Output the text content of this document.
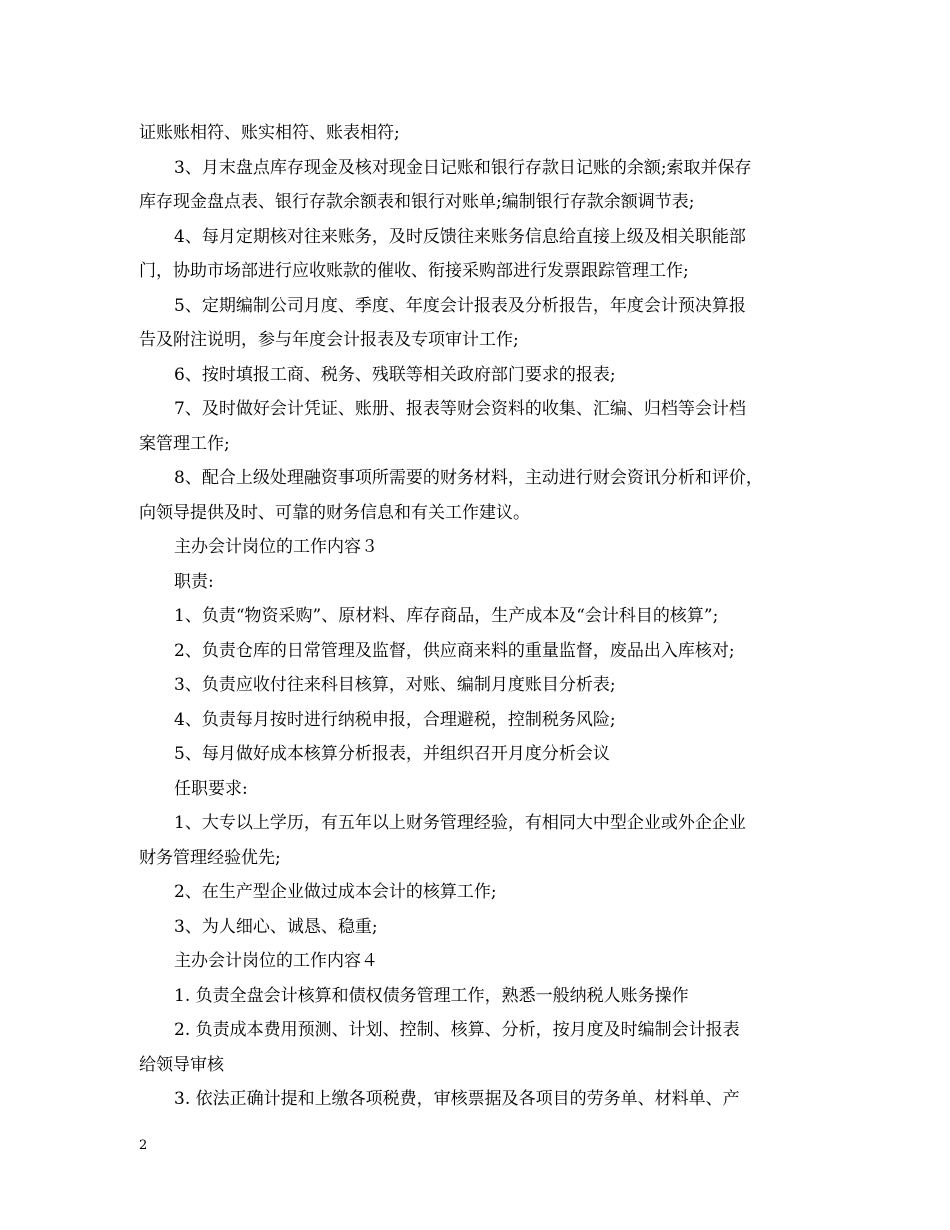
证账账相符、账实相符、账表相符;
3、月末盘点库存现金及核对现金日记账和银行存款日记账的余额;索取并保存
库存现金盘点表、银行存款余额表和银行对账单;编制银行存款余额调节表;
4、每月定期核对往来账务，及时反馈往来账务信息给直接上级及相关职能部
门，协助市场部进行应收账款的催收、衔接采购部进行发票跟踪管理工作;
5、定期编制公司月度、季度、年度会计报表及分析报告，年度会计预决算报
告及附注说明，参与年度会计报表及专项审计工作;
6、按时填报工商、税务、残联等相关政府部门要求的报表;
7、及时做好会计凭证、账册、报表等财会资料的收集、汇编、归档等会计档
案管理工作;
8、配合上级处理融资事项所需要的财务材料，主动进行财会资讯分析和评价，
向领导提供及时、可靠的财务信息和有关工作建议。
主办会计岗位的工作内容３
职责:
1、负责“物资采购”、原材料、库存商品，生产成本及“会计科目的核算”;
2、负责仓库的日常管理及监督，供应商来料的重量监督，废品出入库核对;
3、负责应收付往来科目核算，对账、编制月度账目分析表;
4、负责每月按时进行纳税申报，合理避税，控制税务风险;
5、每月做好成本核算分析报表，并组织召开月度分析会议
任职要求:
1、大专以上学历，有五年以上财务管理经验，有相同大中型企业或外企企业
财务管理经验优先;
2、在生产型企业做过成本会计的核算工作;
3、为人细心、诚恳、稳重;
主办会计岗位的工作内容４
1. 负责全盘会计核算和债权债务管理工作，熟悉一般纳税人账务操作
2. 负责成本费用预测、计划、控制、核算、分析，按月度及时编制会计报表
给领导审核
3. 依法正确计提和上缴各项税费，审核票据及各项目的劳务单、材料单、产
2
